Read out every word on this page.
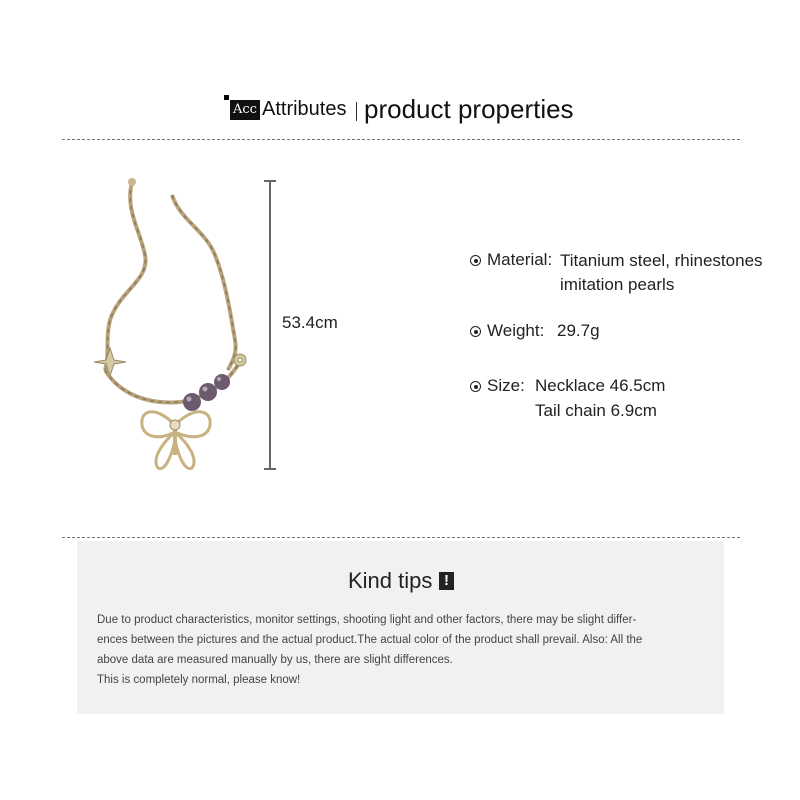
Acc Attributes product properties
53.4cm
Material: Titanium steel, rhinestones
imitation pearls
Weight: 29.7g
Size: Necklace 46.5cm
Tail chain 6.9cm
Kind tips !
Due to product characteristics, monitor settings, shooting light and other factors, there may be slight differ-
ences between the pictures and the actual product.The actual color of the product shall prevail. Also: All the
above data are measured manually by us, there are slight differences.
This is completely normal, please know!
